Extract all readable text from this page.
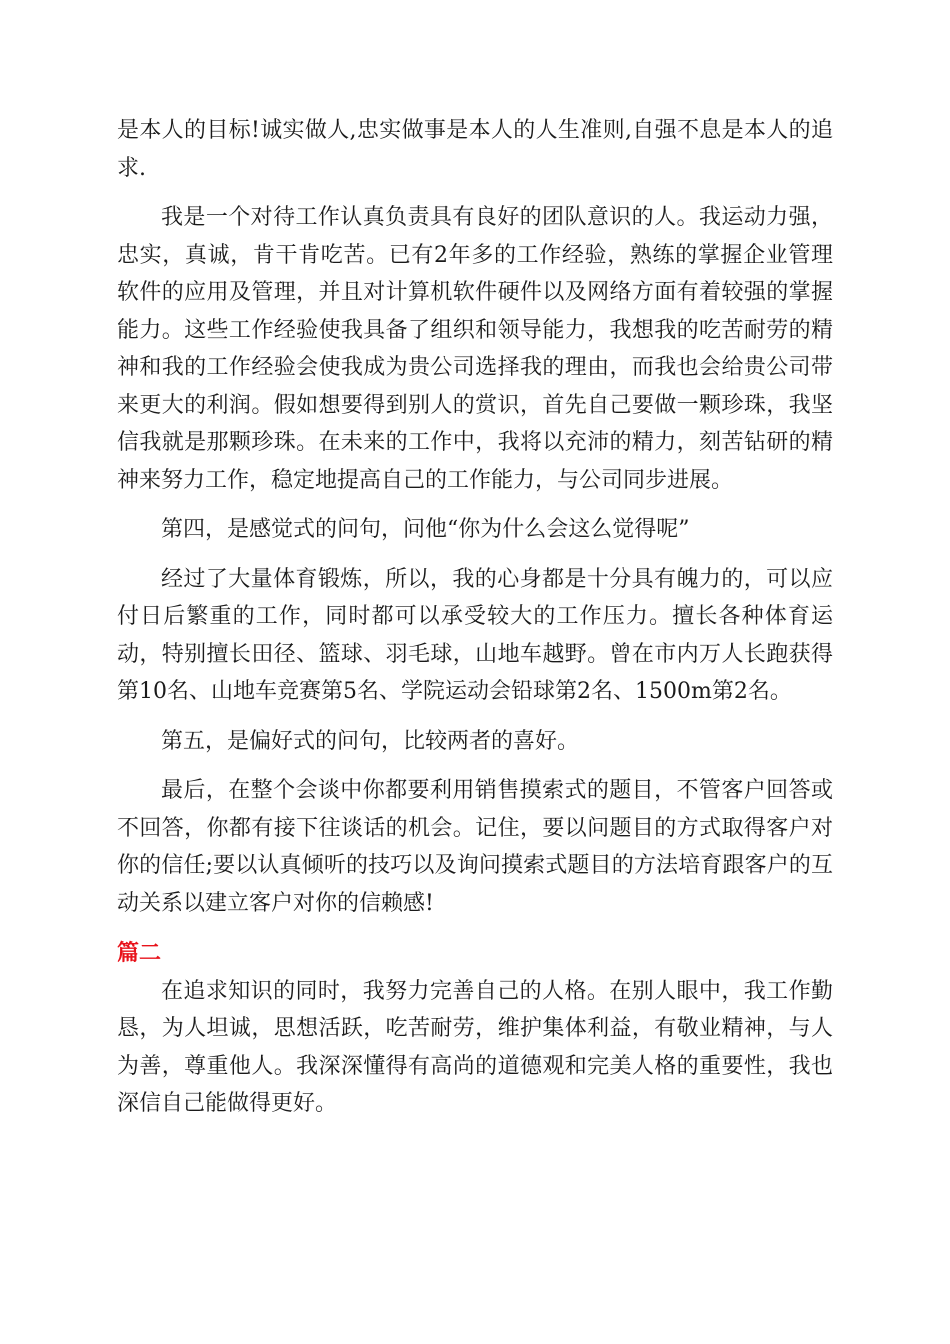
是本人的目标!诚实做人,忠实做事是本人的人生准则,自强不息是本人的追求.

我是一个对待工作认真负责具有良好的团队意识的人。我运动力强，忠实，真诚，肯干肯吃苦。已有2年多的工作经验，熟练的掌握企业管理软件的应用及管理，并且对计算机软件硬件以及网络方面有着较强的掌握能力。这些工作经验使我具备了组织和领导能力，我想我的吃苦耐劳的精神和我的工作经验会使我成为贵公司选择我的理由，而我也会给贵公司带来更大的利润。假如想要得到别人的赏识，首先自己要做一颗珍珠，我坚信我就是那颗珍珠。在未来的工作中，我将以充沛的精力，刻苦钻研的精神来努力工作，稳定地提高自己的工作能力，与公司同步进展。

第四，是感觉式的问句，问他“你为什么会这么觉得呢”

经过了大量体育锻炼，所以，我的心身都是十分具有魄力的，可以应付日后繁重的工作，同时都可以承受较大的工作压力。擅长各种体育运动，特别擅长田径、篮球、羽毛球，山地车越野。曾在市内万人长跑获得第10名、山地车竞赛第5名、学院运动会铅球第2名、1500m第2名。

第五，是偏好式的问句，比较两者的喜好。

最后，在整个会谈中你都要利用销售摸索式的题目，不管客户回答或不回答，你都有接下往谈话的机会。记住，要以问题目的方式取得客户对你的信任;要以认真倾听的技巧以及询问摸索式题目的方法培育跟客户的互动关系以建立客户对你的信赖感!

篇二

在追求知识的同时，我努力完善自己的人格。在别人眼中，我工作勤恳，为人坦诚，思想活跃，吃苦耐劳，维护集体利益，有敬业精神，与人为善，尊重他人。我深深懂得有高尚的道德观和完美人格的重要性，我也深信自己能做得更好。
